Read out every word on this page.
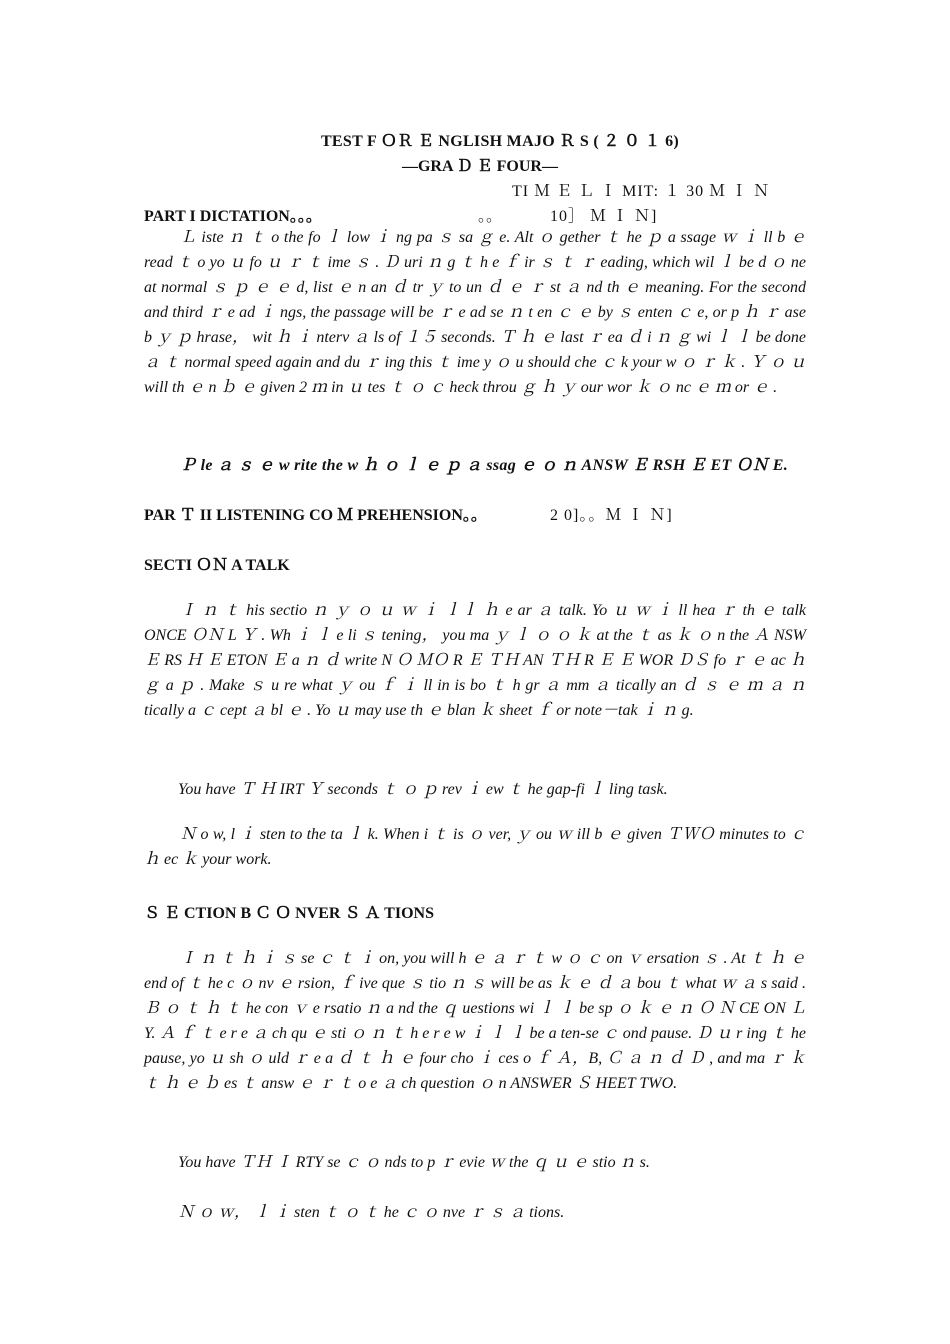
TEST F ＯＲ Ｅ NGLISH MAJO Ｒ S ( ２ ０ １ 6)
—GRA Ｄ Ｅ FOUR—
TI Ｍ Ｅ Ｌ Ｉ MIT: １ 30 Ｍ Ｉ Ｎ
PART I DICTATION。。。	。。	10］ Ｍ Ｉ Ｎ]

Ｌ iste ｎ ｔ o the fo ｌ low ｉ ng pa ｓ sa ｇ e. Alt ｏ gether ｔ he ｐ a ssage ｗ ｉ ll b ｅ read ｔ o yo ｕ fo ｕ ｒ ｔ ime ｓ . Ｄ uri ｎ g ｔ h e ｆ ir ｓ ｔ ｒ eading, which wil ｌ be d ｏ ne at normal ｓ ｐ ｅ ｅ d, list ｅ n an ｄ tr ｙ to un ｄ ｅ ｒ st ａ nd th ｅ meaning. For the second and third ｒ e ad ｉ ngs, the passage will be ｒ e ad se ｎ t en ｃ ｅ by ｓ enten ｃ e, or p ｈ ｒ ase b ｙ ｐ hrase， wit ｈ ｉ nterv ａ ls of １５ seconds. Ｔ ｈ ｅ last ｒ ea ｄ i ｎ ｇ wi ｌ ｌ be done ａ ｔ normal speed again and du ｒ ing this ｔ ime y ｏ u should che ｃ k your w ｏ ｒ ｋ . Ｙ ｏ ｕ will th ｅ n ｂ ｅ given 2 ｍ in ｕ tes ｔ ｏ ｃ heck throu ｇ ｈ ｙ our wor ｋ ｏ nc ｅ ｍ or ｅ .

Ｐ le ａ ｓ ｅ w rite the w ｈ ｏ ｌ ｅ ｐ ａ ssag ｅ ｏ ｎ ANSW Ｅ RSH Ｅ ET ＯＮ E.
PAR Ｔ II LISTENING CO Ｍ PREHENSION。。	2 0]。。Ｍ Ｉ Ｎ]
SECTI ＯＮ A TALK

Ｉ ｎ ｔ his sectio ｎ ｙ ｏ ｕ ｗ ｉ ｌｌ ｈ e ar ａ talk. Yo ｕ ｗ ｉ ll hea ｒ th ｅ talk ONCE ＯＮ L Ｙ . Wh ｉ ｌ e li ｓ tening， you ma ｙ ｌ ｏ ｏ ｋ at the ｔ as ｋ ｏ n the Ａ NSW Ｅ RS Ｈ Ｅ ETON Ｅ a ｎ ｄ write N Ｏ ＭＯ R Ｅ ＴＨ AN ＴＨ R Ｅ Ｅ WOR ＤＳ fo ｒ ｅ ac ｈ ｇ a ｐ . Make ｓ u re what ｙ ou ｆ ｉ ll in is bo ｔ h gr ａ mm ａ tically an ｄ ｓ ｅ ｍ ａ ｎ tically a ｃ cept ａ bl ｅ . Yo ｕ may use th ｅ blan ｋ sheet ｆ or note－tak ｉ ｎ g.

You have Ｔ Ｈ IRT Ｙ seconds ｔ ｏ ｐ rev ｉ ew ｔ he gap-fi ｌ ling task.

Ｎ o w, l ｉ sten to the ta ｌ k. When i ｔ is ｏ ver, ｙ ou ｗ ill b ｅ given ＴＷＯ minutes to ｃ ｈ ec ｋ your work.

Ｓ Ｅ CTION B Ｃ Ｏ NVER Ｓ Ａ TIONS

Ｉ ｎ ｔ ｈ ｉ ｓ se ｃ ｔ ｉ on, you will h ｅ ａ ｒ ｔ w ｏ ｃ on ｖ ersation ｓ . At ｔ ｈ ｅ end of ｔ he c ｏ nv ｅ rsion, ｆ ive que ｓ tio ｎ ｓ will be as ｋ ｅ ｄ ａ bou ｔ what ｗ ａ s said . Ｂ ｏ ｔ ｈ ｔ he con ｖ e rsatio ｎ a nd the ｑ uestions wi ｌ ｌ be sp ｏ ｋ ｅ ｎ Ｏ Ｎ CE ON Ｌ Y. Ａ ｆ ｔ e r e ａ ch qu ｅ sti ｏ ｎ ｔ h e r e w ｉ ｌ ｌ be a ten-se ｃ ond pause. Ｄ ｕ r ing ｔ he pause, yo ｕ sh ｏ uld ｒ e a ｄ ｔ ｈ ｅ four cho ｉ ces o ｆ Ａ，B, Ｃ ａ ｎ ｄ Ｄ , and ma ｒ ｋ ｔ ｈ ｅ ｂ es ｔ answ ｅ ｒ ｔ o e ａ ch question ｏ n ANSWER Ｓ HEET TWO.

You have ＴＨ Ｉ RTY se ｃ ｏ nds to p ｒ evie ｗ the ｑ ｕ ｅ stio ｎ s.
Ｎ ｏ ｗ， ｌ ｉ sten ｔ ｏ ｔ he ｃ ｏ nve ｒ ｓ ａ tions.
